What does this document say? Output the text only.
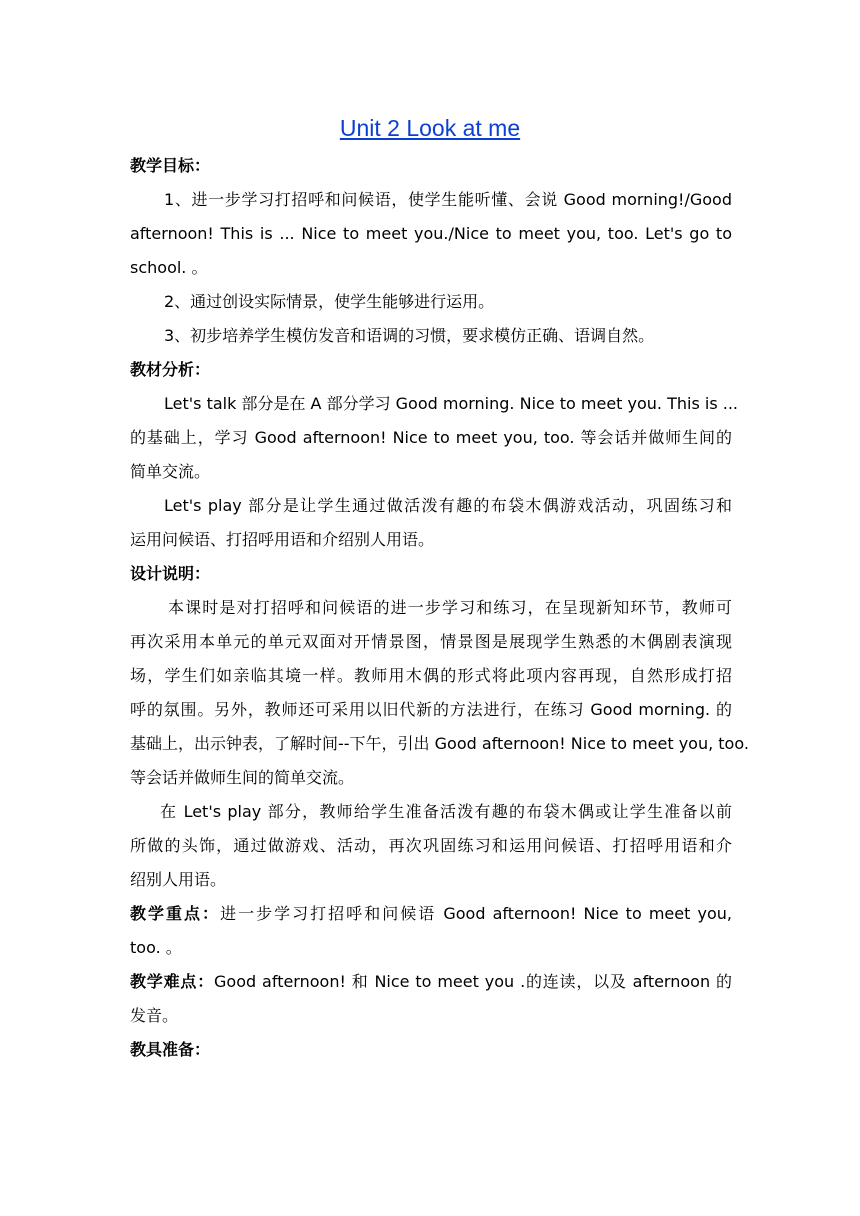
Unit 2 Look at me
教学目标：
1、进一步学习打招呼和问候语，使学生能听懂、会说 Good morning!/Good
afternoon! This is ... Nice to meet you./Nice to meet you, too. Let's go to
school. 。
2、通过创设实际情景，使学生能够进行运用。
3、初步培养学生模仿发音和语调的习惯，要求模仿正确、语调自然。
教材分析：
Let's talk 部分是在 A 部分学习 Good morning. Nice to meet you. This is ...
的基础上，学习 Good afternoon! Nice to meet you, too. 等会话并做师生间的
简单交流。
Let's play 部分是让学生通过做活泼有趣的布袋木偶游戏活动，巩固练习和
运用问候语、打招呼用语和介绍别人用语。
设计说明：
本课时是对打招呼和问候语的进一步学习和练习，在呈现新知环节，教师可
再次采用本单元的单元双面对开情景图，情景图是展现学生熟悉的木偶剧表演现
场，学生们如亲临其境一样。教师用木偶的形式将此项内容再现，自然形成打招
呼的氛围。另外，教师还可采用以旧代新的方法进行，在练习 Good morning. 的
基础上，出示钟表，了解时间--下午，引出 Good afternoon! Nice to meet you, too.
等会话并做师生间的简单交流。
在 Let's play 部分，教师给学生准备活泼有趣的布袋木偶或让学生准备以前
所做的头饰，通过做游戏、活动，再次巩固练习和运用问候语、打招呼用语和介
绍别人用语。
教学重点：进一步学习打招呼和问候语 Good afternoon! Nice to meet you,
too. 。
教学难点：Good afternoon! 和 Nice to meet you .的连读，以及 afternoon 的
发音。
教具准备：
